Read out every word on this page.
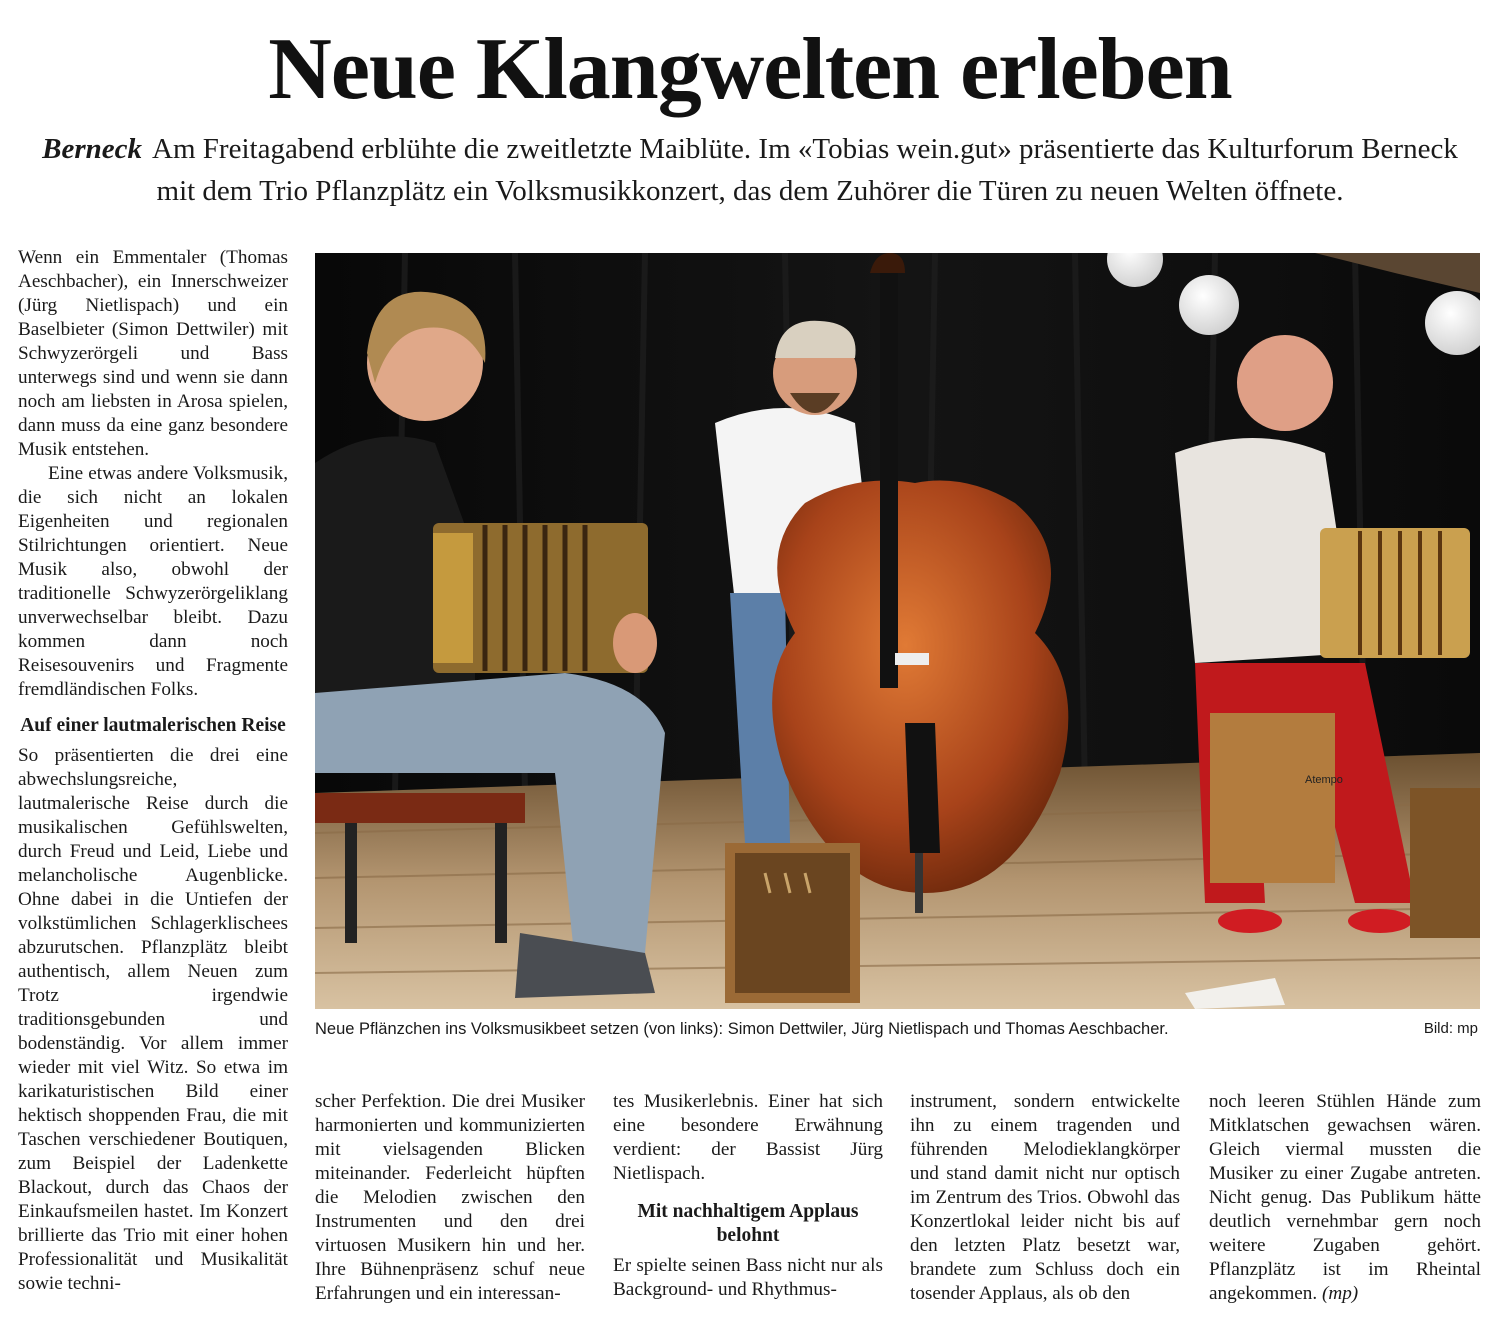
Neue Klangwelten erleben
Berneck Am Freitagabend erblühte die zweitletzte Maiblüte. Im «Tobias wein.gut» präsentierte das Kulturforum Berneck mit dem Trio Pflanzplätz ein Volksmusikkonzert, das dem Zuhörer die Türen zu neuen Welten öffnete.

Wenn ein Emmentaler (Thomas Aeschbacher), ein Innerschweizer (Jürg Nietlispach) und ein Baselbieter (Simon Dettwiler) mit Schwyzerörgeli und Bass unterwegs sind und wenn sie dann noch am liebsten in Arosa spielen, dann muss da eine ganz besondere Musik entstehen.

Eine etwas andere Volksmusik, die sich nicht an lokalen Eigenheiten und regionalen Stilrichtungen orientiert. Neue Musik also, obwohl der traditionelle Schwyzerörgeliklang unverwechselbar bleibt. Dazu kommen dann noch Reisesouvenirs und Fragmente fremdländischen Folks.

Auf einer lautmalerischen Reise

So präsentierten die drei eine abwechslungsreiche, lautmalerische Reise durch die musikalischen Gefühlswelten, durch Freud und Leid, Liebe und melancholische Augenblicke. Ohne dabei in die Untiefen der volkstümlichen Schlagerklischees abzurutschen. Pflanzplätz bleibt authentisch, allem Neuen zum Trotz irgendwie traditionsgebunden und bodenständig. Vor allem immer wieder mit viel Witz. So etwa im karikaturistischen Bild einer hektisch shoppenden Frau, die mit Taschen verschiedener Boutiquen, zum Beispiel der Ladenkette Blackout, durch das Chaos der Einkaufsmeilen hastet. Im Konzert brillierte das Trio mit einer hohen Professionalität und Musikalität sowie techni-

Atempo
Neue Pflänzchen ins Volksmusikbeet setzen (von links): Simon Dettwiler, Jürg Nietlispach und Thomas Aeschbacher.	Bild: mp

scher Perfektion. Die drei Musiker harmonierten und kommunizierten mit vielsagenden Blicken miteinander. Federleicht hüpften die Melodien zwischen den Instrumenten und den drei virtuosen Musikern hin und her. Ihre Bühnenpräsenz schuf neue Erfahrungen und ein interessan-

tes Musikerlebnis. Einer hat sich eine besondere Erwähnung verdient: der Bassist Jürg Nietlispach.

Mit nachhaltigem Applaus belohnt

Er spielte seinen Bass nicht nur als Background- und Rhythmus-

instrument, sondern entwickelte ihn zu einem tragenden und führenden Melodieklangkörper und stand damit nicht nur optisch im Zentrum des Trios. Obwohl das Konzertlokal leider nicht bis auf den letzten Platz besetzt war, brandete zum Schluss doch ein tosender Applaus, als ob den

noch leeren Stühlen Hände zum Mitklatschen gewachsen wären. Gleich viermal mussten die Musiker zu einer Zugabe antreten. Nicht genug. Das Publikum hätte deutlich vernehmbar gern noch weitere Zugaben gehört. Pflanzplätz ist im Rheintal angekommen. (mp)
